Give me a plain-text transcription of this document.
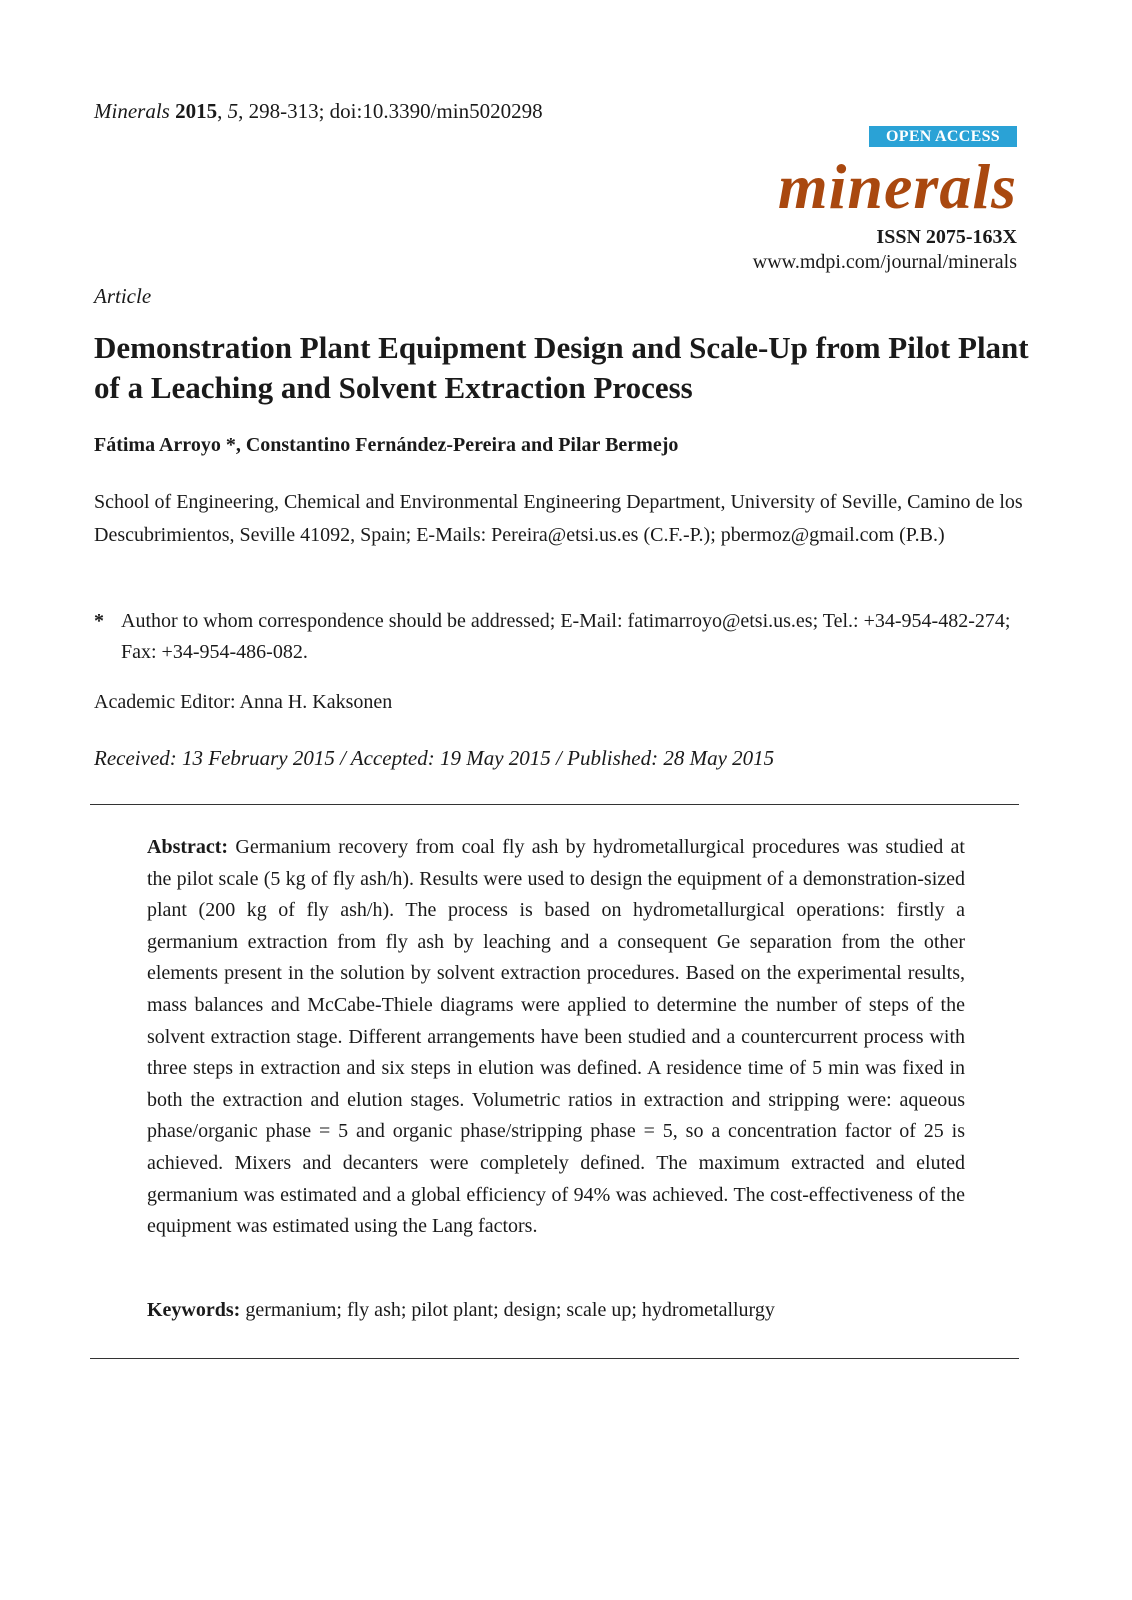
Minerals 2015, 5, 298-313; doi:10.3390/min5020298
OPEN ACCESS
minerals
ISSN 2075-163X
www.mdpi.com/journal/minerals
Article
Demonstration Plant Equipment Design and Scale-Up from Pilot Plant of a Leaching and Solvent Extraction Process
Fátima Arroyo *, Constantino Fernández-Pereira and Pilar Bermejo
School of Engineering, Chemical and Environmental Engineering Department, University of Seville, Camino de los Descubrimientos, Seville 41092, Spain; E-Mails: Pereira@etsi.us.es (C.F.-P.); pbermoz@gmail.com (P.B.)
* Author to whom correspondence should be addressed; E-Mail: fatimarroyo@etsi.us.es; Tel.: +34-954-482-274; Fax: +34-954-486-082.
Academic Editor: Anna H. Kaksonen
Received: 13 February 2015 / Accepted: 19 May 2015 / Published: 28 May 2015
Abstract: Germanium recovery from coal fly ash by hydrometallurgical procedures was studied at the pilot scale (5 kg of fly ash/h). Results were used to design the equipment of a demonstration-sized plant (200 kg of fly ash/h). The process is based on hydrometallurgical operations: firstly a germanium extraction from fly ash by leaching and a consequent Ge separation from the other elements present in the solution by solvent extraction procedures. Based on the experimental results, mass balances and McCabe-Thiele diagrams were applied to determine the number of steps of the solvent extraction stage. Different arrangements have been studied and a countercurrent process with three steps in extraction and six steps in elution was defined. A residence time of 5 min was fixed in both the extraction and elution stages. Volumetric ratios in extraction and stripping were: aqueous phase/organic phase = 5 and organic phase/stripping phase = 5, so a concentration factor of 25 is achieved. Mixers and decanters were completely defined. The maximum extracted and eluted germanium was estimated and a global efficiency of 94% was achieved. The cost-effectiveness of the equipment was estimated using the Lang factors.
Keywords: germanium; fly ash; pilot plant; design; scale up; hydrometallurgy
